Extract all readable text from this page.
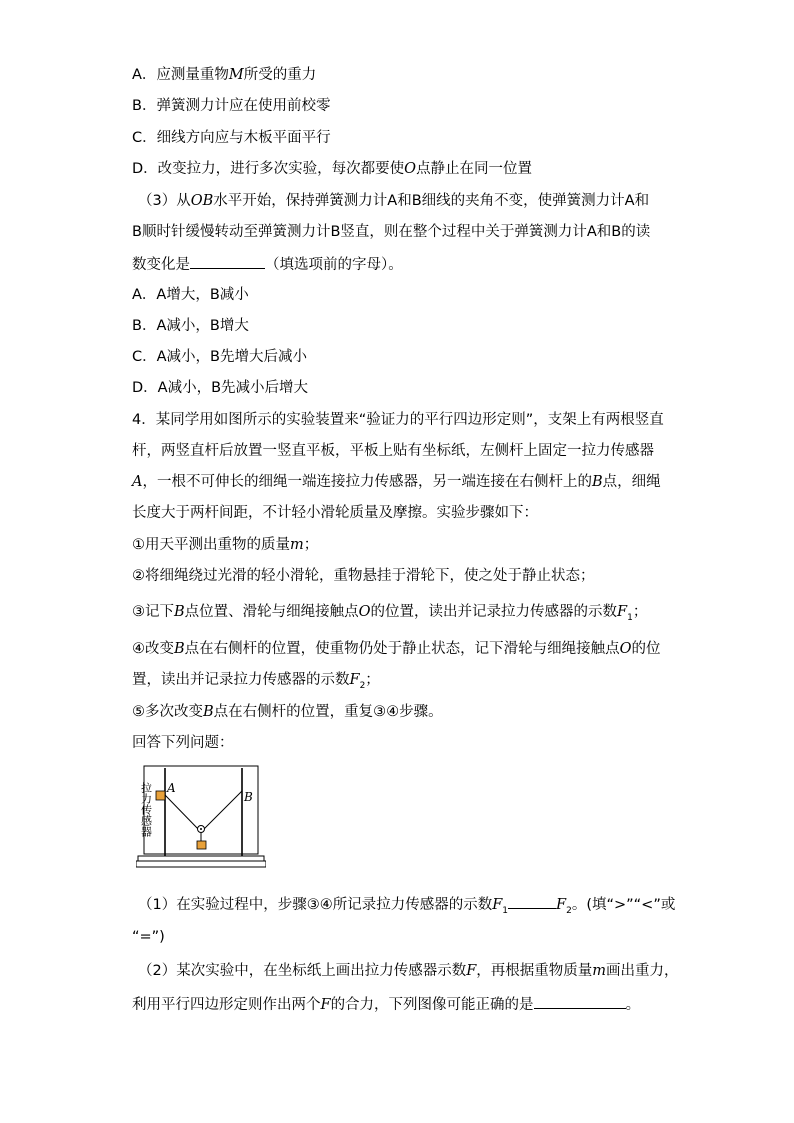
A．应测量重物M所受的重力
B．弹簧测力计应在使用前校零
C．细线方向应与木板平面平行
D．改变拉力，进行多次实验，每次都要使O点静止在同一位置
（3）从OB水平开始，保持弹簧测力计A和B细线的夹角不变，使弹簧测力计A和
B顺时针缓慢转动至弹簧测力计B竖直，则在整个过程中关于弹簧测力计A和B的读
数变化是	（填选项前的字母）。
A．A增大，B减小
B．A减小，B增大
C．A减小，B先增大后减小
D．A减小，B先减小后增大
4．某同学用如图所示的实验装置来“验证力的平行四边形定则”，支架上有两根竖直
杆，两竖直杆后放置一竖直平板，平板上贴有坐标纸，左侧杆上固定一拉力传感器
A，一根不可伸长的细绳一端连接拉力传感器，另一端连接在右侧杆上的B点，细绳
长度大于两杆间距，不计轻小滑轮质量及摩擦。实验步骤如下：
①用天平测出重物的质量m；
②将细绳绕过光滑的轻小滑轮，重物悬挂于滑轮下，使之处于静止状态；
③记下B点位置、滑轮与细绳接触点O的位置，读出并记录拉力传感器的示数$F_1$；
④改变B点在右侧杆的位置，使重物仍处于静止状态，记下滑轮与细绳接触点O的位
置，读出并记录拉力传感器的示数$F_2$；
⑤多次改变B点在右侧杆的位置，重复③④步骤。
回答下列问题：
拉力传感器 A
B
（1）在实验过程中，步骤③④所记录拉力传感器的示数$F_1$	$F_2$。(填“>”“<”或
“=”)
（2）某次实验中，在坐标纸上画出拉力传感器示数F，再根据重物质量m画出重力，
利用平行四边形定则作出两个F的合力，下列图像可能正确的是	。
